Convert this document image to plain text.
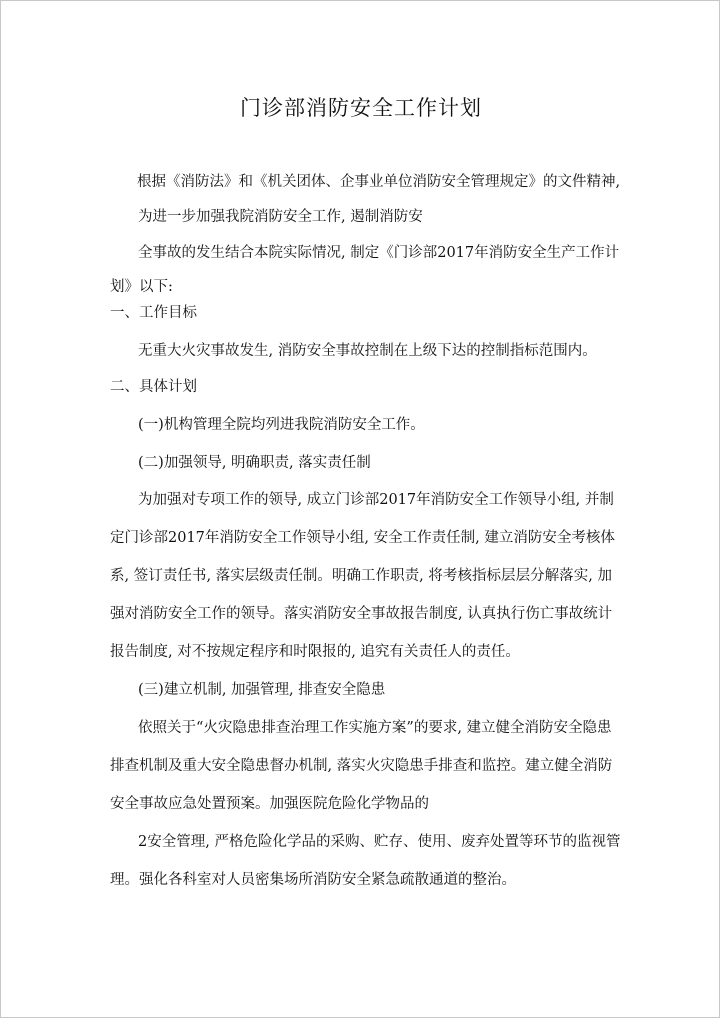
门诊部消防安全工作计划
根据《消防法》和《机关团体、企事业单位消防安全管理规定》的文件精神,
为进一步加强我院消防安全工作, 遏制消防安
全事故的发生结合本院实际情况, 制定《门诊部2017年消防安全生产工作计
划》以下:
一、工作目标
无重大火灾事故发生, 消防安全事故控制在上级下达的控制指标范围内。
二、具体计划
(一)机构管理全院均列进我院消防安全工作。
(二)加强领导, 明确职责, 落实责任制
为加强对专项工作的领导, 成立门诊部2017年消防安全工作领导小组, 并制
定门诊部2017年消防安全工作领导小组, 安全工作责任制, 建立消防安全考核体
系, 签订责任书, 落实层级责任制。明确工作职责, 将考核指标层层分解落实, 加
强对消防安全工作的领导。落实消防安全事故报告制度, 认真执行伤亡事故统计
报告制度, 对不按规定程序和时限报的, 追究有关责任人的责任。
(三)建立机制, 加强管理, 排查安全隐患
依照关于“火灾隐患排查治理工作实施方案”的要求, 建立健全消防安全隐患
排查机制及重大安全隐患督办机制, 落实火灾隐患手排查和监控。建立健全消防
安全事故应急处置预案。加强医院危险化学物品的
2安全管理, 严格危险化学品的采购、贮存、使用、废弃处置等环节的监视管
理。强化各科室对人员密集场所消防安全紧急疏散通道的整治。
